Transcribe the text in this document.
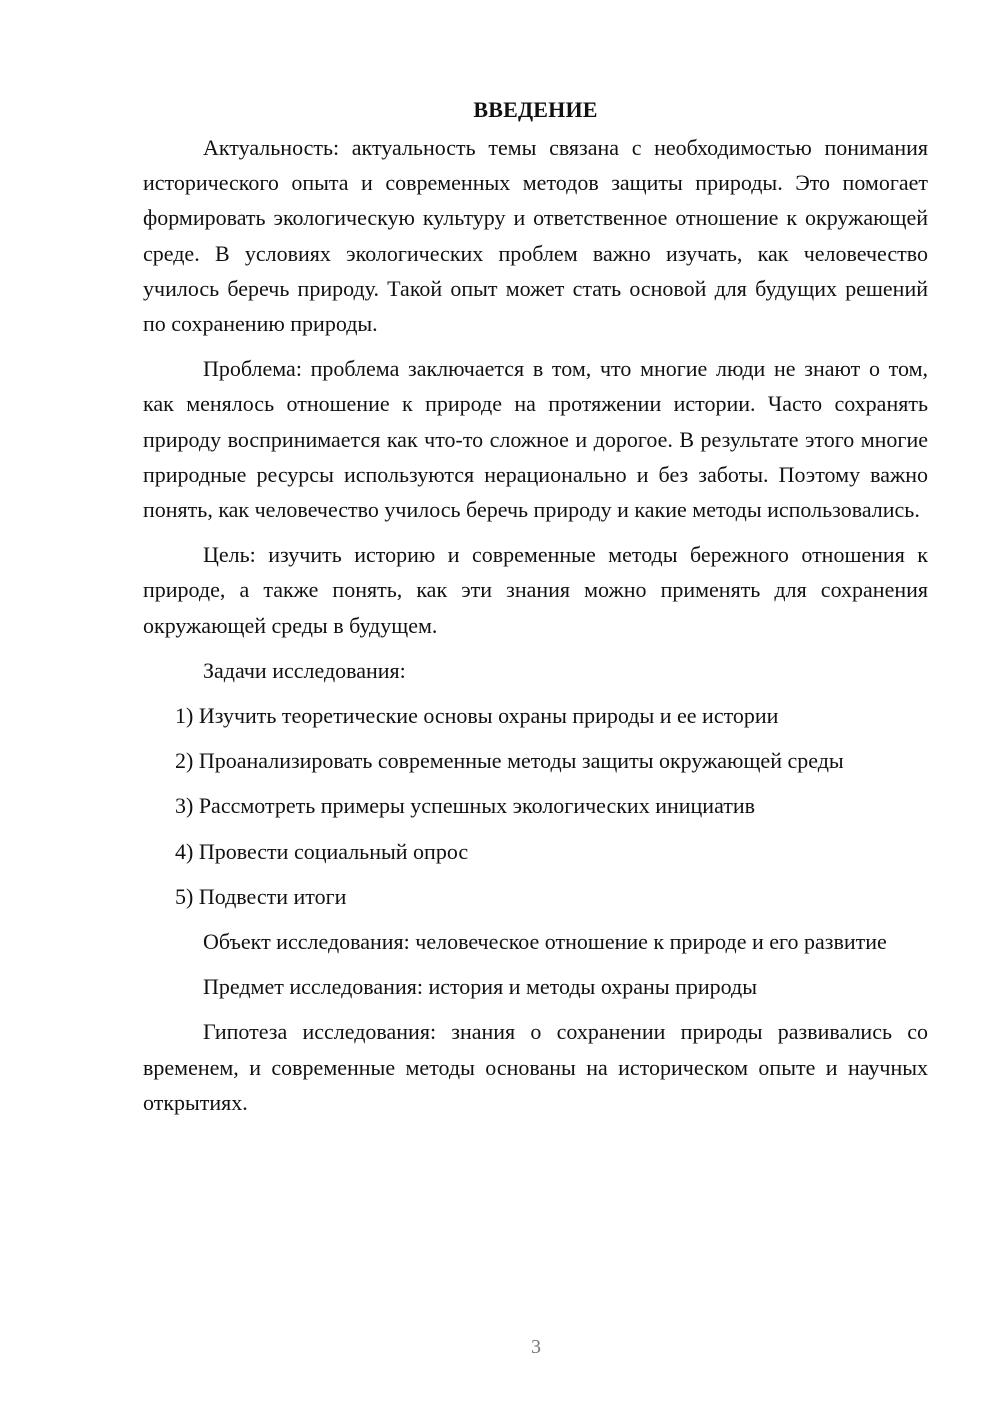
ВВЕДЕНИЕ

Актуальность: актуальность темы связана с необходимостью понимания исторического опыта и современных методов защиты природы. Это помогает формировать экологическую культуру и ответственное отношение к окружающей среде. В условиях экологических проблем важно изучать, как человечество училось беречь природу. Такой опыт может стать основой для будущих решений по сохранению природы.

Проблема: проблема заключается в том, что многие люди не знают о том, как менялось отношение к природе на протяжении истории. Часто сохранять природу воспринимается как что-то сложное и дорогое. В результате этого многие природные ресурсы используются нерационально и без заботы. Поэтому важно понять, как человечество училось беречь природу и какие методы использовались.

Цель: изучить историю и современные методы бережного отношения к природе, а также понять, как эти знания можно применять для сохранения окружающей среды в будущем.

Задачи исследования:

1) Изучить теоретические основы охраны природы и ее истории

2) Проанализировать современные методы защиты окружающей среды

3) Рассмотреть примеры успешных экологических инициатив

4) Провести социальный опрос

5) Подвести итоги

Объект исследования: человеческое отношение к природе и его развитие

Предмет исследования: история и методы охраны природы

Гипотеза исследования: знания о сохранении природы развивались со временем, и современные методы основаны на историческом опыте и научных открытиях.

3
